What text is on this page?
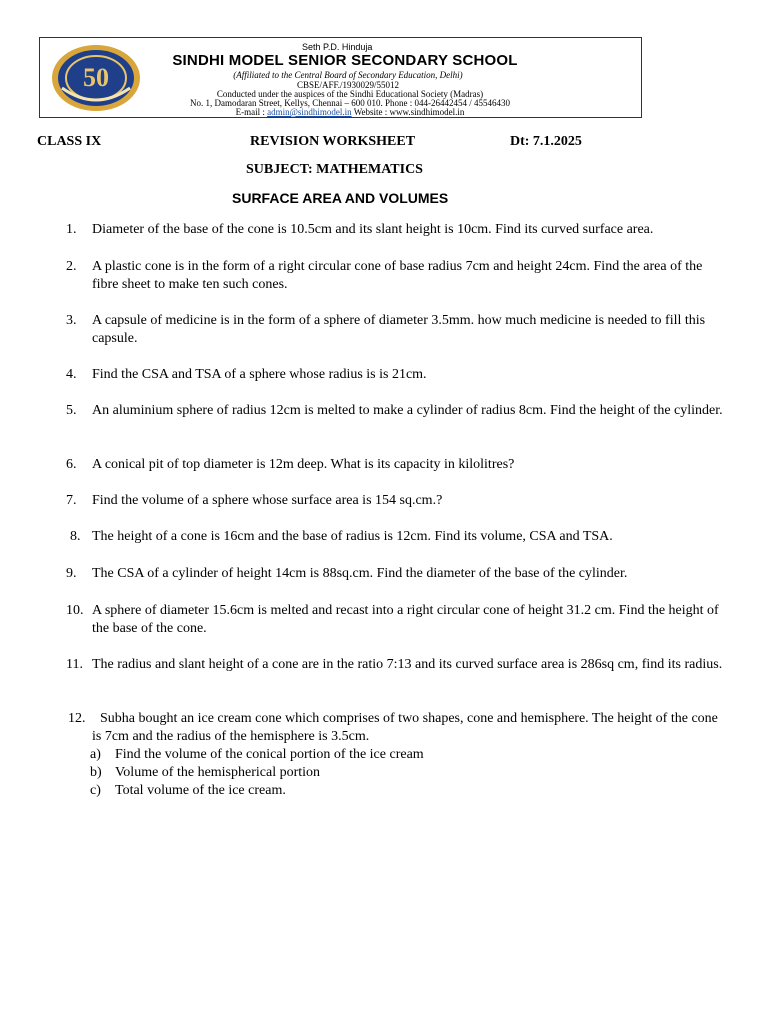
50
Seth P.D. Hinduja
SINDHI MODEL SENIOR SECONDARY SCHOOL
(Affiliated to the Central Board of Secondary Education, Delhi)
CBSE/AFF./1930029/55012
Conducted under the auspices of the Sindhi Educational Society (Madras)
No. 1, Damodaran Street, Kellys, Chennai – 600 010. Phone : 044-26442454 / 45546430
E-mail : admin@sindhimodel.in Website : www.sindhimodel.in
CLASS IX	REVISION WORKSHEET	Dt: 7.1.2025
SUBJECT: MATHEMATICS
SURFACE AREA AND VOLUMES
1.	Diameter of the base of the cone is 10.5cm and its slant height is 10cm. Find its curved surface area.
2.	A plastic cone is in the form of a right circular cone of base radius 7cm and height 24cm. Find the area of the fibre sheet to make ten such cones.
3.	A capsule of medicine is in the form of a sphere of diameter 3.5mm. how much medicine is needed to fill this capsule.
4.	Find the CSA and TSA of a sphere whose radius is is 21cm.
5.	An aluminium sphere of radius 12cm is melted to make a cylinder of radius 8cm. Find the height of the cylinder.
6.	A conical pit of top diameter is 12m deep. What is its capacity in kilolitres?
7.	Find the volume of a sphere whose surface area is 154 sq.cm.?
8. The height of a cone is 16cm and the base of radius is 12cm. Find its volume, CSA and TSA.
9.	The CSA of a cylinder of height 14cm is 88sq.cm. Find the diameter of the base of the cylinder.
10. A sphere of diameter 15.6cm is melted and recast into a right circular cone of height 31.2 cm. Find the height of the base of the cone.
11. The radius and slant height of a cone are in the ratio 7:13 and its curved surface area is 286sq cm, find its radius.
12.	Subha bought an ice cream cone which comprises of two shapes, cone and hemisphere. The height of the cone is 7cm and the radius of the hemisphere is 3.5cm.
a) Find the volume of the conical portion of the ice cream
b) Volume of the hemispherical portion
c) Total volume of the ice cream.
